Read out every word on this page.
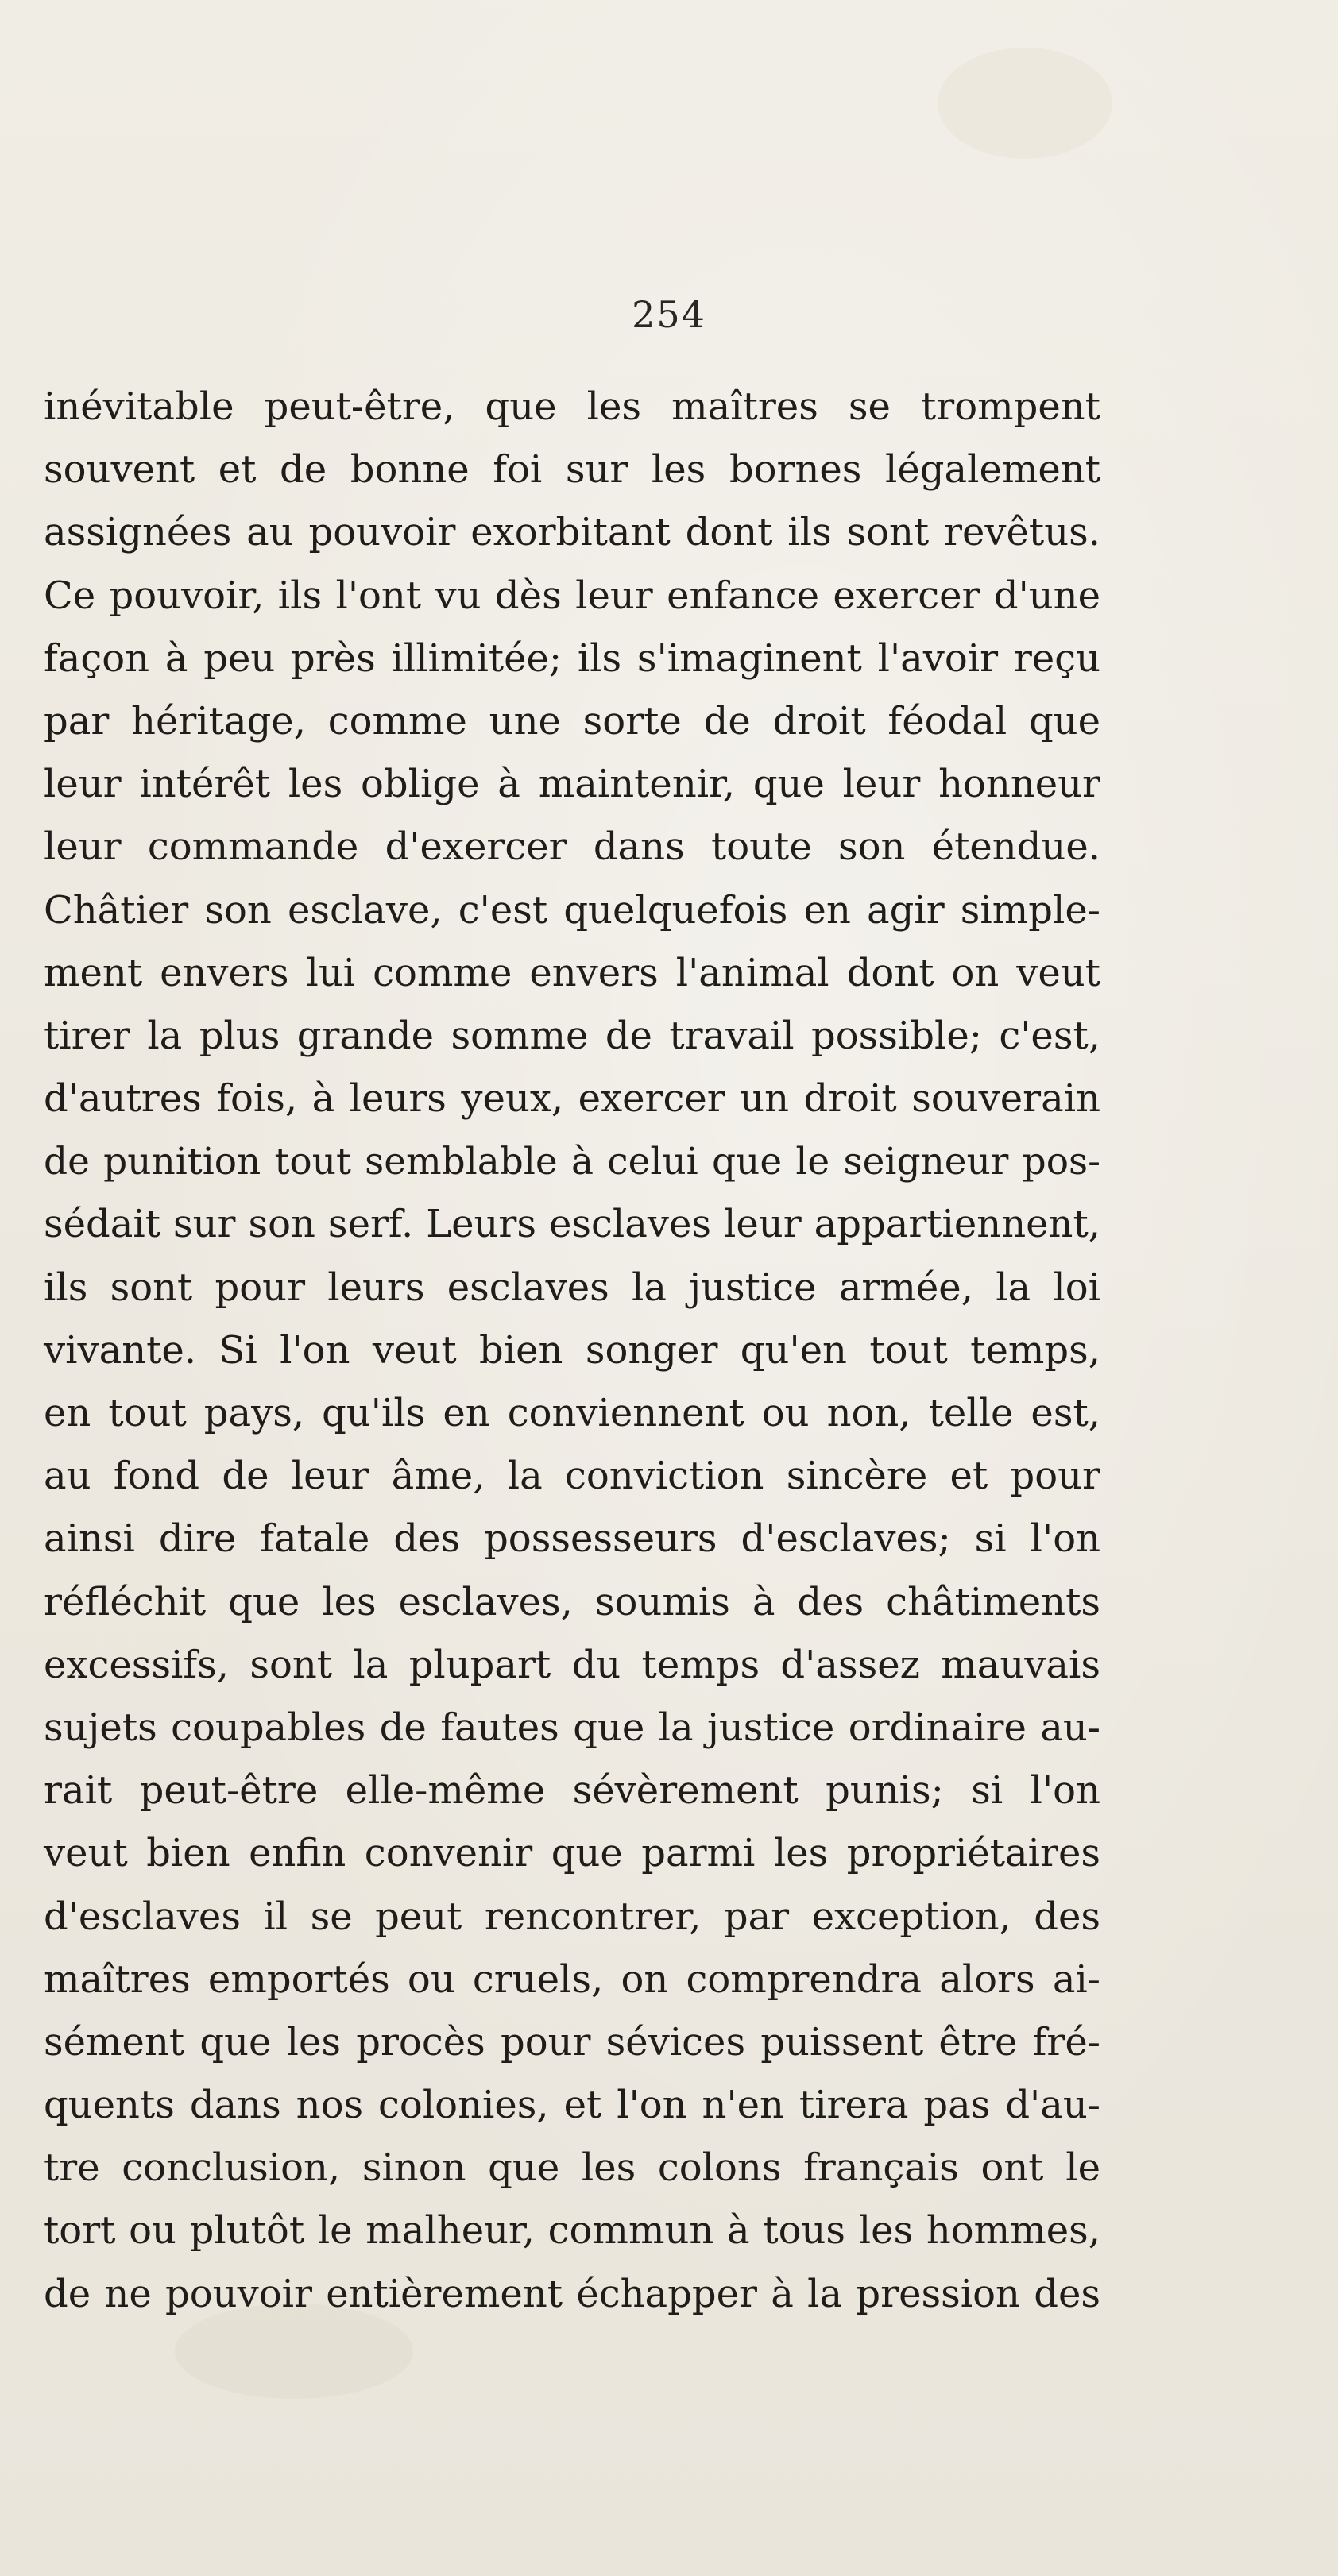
254
inévitable peut-être, que les maîtres se trompent
souvent et de bonne foi sur les bornes légalement
assignées au pouvoir exorbitant dont ils sont revêtus.
Ce pouvoir, ils l'ont vu dès leur enfance exercer d'une
façon à peu près illimitée; ils s'imaginent l'avoir reçu
par héritage, comme une sorte de droit féodal que
leur intérêt les oblige à maintenir, que leur honneur
leur commande d'exercer dans toute son étendue.
Châtier son esclave, c'est quelquefois en agir simple-
ment envers lui comme envers l'animal dont on veut
tirer la plus grande somme de travail possible; c'est,
d'autres fois, à leurs yeux, exercer un droit souverain
de punition tout semblable à celui que le seigneur pos-
sédait sur son serf. Leurs esclaves leur appartiennent,
ils sont pour leurs esclaves la justice armée, la loi
vivante. Si l'on veut bien songer qu'en tout temps,
en tout pays, qu'ils en conviennent ou non, telle est,
au fond de leur âme, la conviction sincère et pour
ainsi dire fatale des possesseurs d'esclaves; si l'on
réfléchit que les esclaves, soumis à des châtiments
excessifs, sont la plupart du temps d'assez mauvais
sujets coupables de fautes que la justice ordinaire au-
rait peut-être elle-même sévèrement punis; si l'on
veut bien enfin convenir que parmi les propriétaires
d'esclaves il se peut rencontrer, par exception, des
maîtres emportés ou cruels, on comprendra alors ai-
sément que les procès pour sévices puissent être fré-
quents dans nos colonies, et l'on n'en tirera pas d'au-
tre conclusion, sinon que les colons français ont le
tort ou plutôt le malheur, commun à tous les hommes,
de ne pouvoir entièrement échapper à la pression des
